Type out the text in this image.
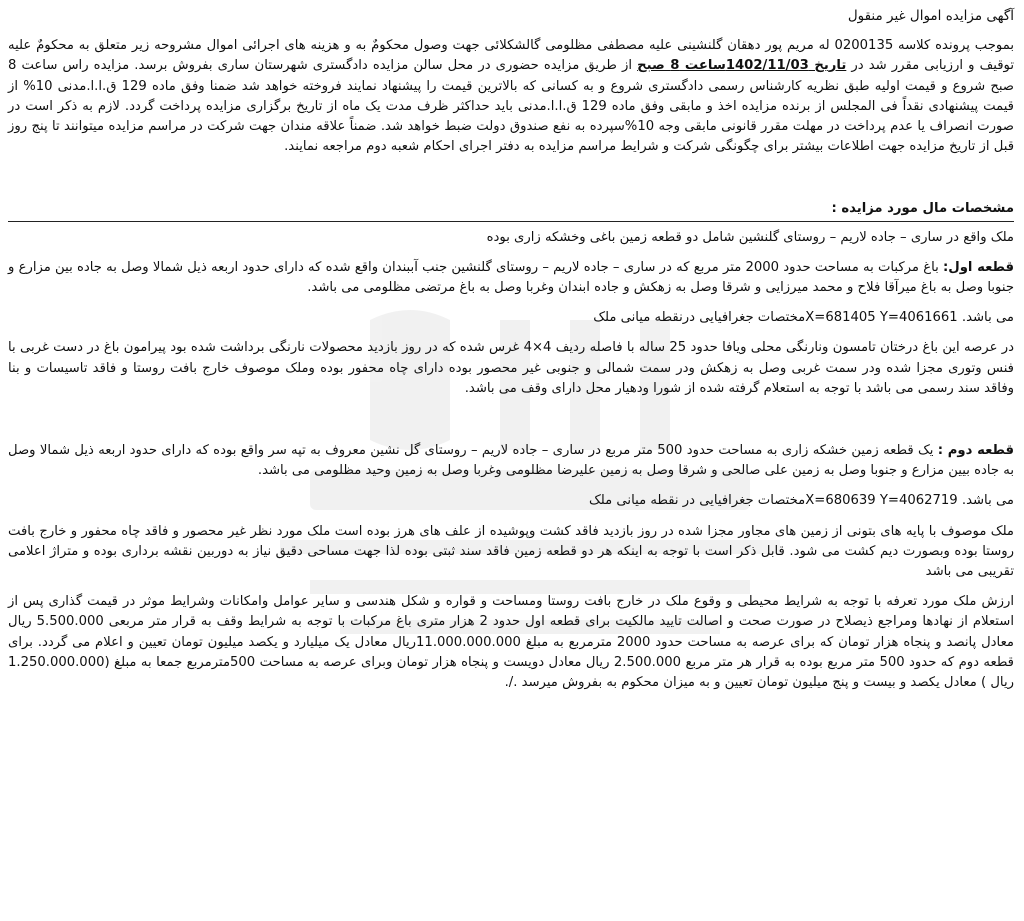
آگهی مزایده اموال غیر منقول

بموجب پرونده کلاسه 0200135 له مریم پور دهقان گلنشینی علیه مصطفی مظلومی گالشکلائی جهت وصول محکومٌ به و هزینه های اجرائی اموال مشروحه زیر متعلق به محکومٌ علیه توقیف و ارزیابی مقرر شد در تاریخ 1402/11/03ساعت 8 صبح از طریق مزایده حضوری در محل سالن مزایده دادگستری شهرستان ساری بفروش برسد. مزایده راس ساعت 8 صبح شروع و قیمت اولیه طبق نظریه کارشناس رسمی دادگستری شروع و به کسانی که بالاترین قیمت را پیشنهاد نمایند فروخته خواهد شد ضمنا وفق ماده 129 ق.ا.ا.مدنی 10% از قیمت پیشنهادی نقداً فی المجلس از برنده مزایده اخذ و مابقی وفق ماده 129 ق.ا.ا.مدنی باید حداکثر ظرف مدت یک ماه از تاریخ برگزاری مزایده پرداخت گردد. لازم به ذکر است در صورت انصراف یا عدم پرداخت در مهلت مقرر قانونی مابقی وجه 10%سپرده به نفع صندوق دولت ضبط خواهد شد. ضمناً علاقه مندان جهت شرکت در مراسم مزایده میتوانند تا پنج روز قبل از تاریخ مزایده جهت اطلاعات بیشتر برای چگونگی شرکت و شرایط مراسم مزایده به دفتر اجرای احکام شعبه دوم مراجعه نمایند.

مشخصات مال مورد مزایده :

ملک واقع در ساری – جاده لاریم – روستای گلنشین شامل دو قطعه زمین باغی وخشکه زاری بوده

قطعه اول: باغ مرکبات به مساحت حدود 2000 متر مربع که در ساری – جاده لاریم – روستای گلنشین جنب آببندان واقع شده که دارای حدود اربعه ذیل شمالا وصل به جاده بین مزارع و جنوبا وصل به باغ میرآقا فلاح و محمد میرزایی و شرقا وصل به زهکش و جاده ابندان وغربا وصل به باغ مرتضی مظلومی می باشد.

می باشد. X=681405 Y=4061661مختصات جغرافیایی درنقطه میانی ملک

در عرصه این باغ درختان تامسون ونارنگی محلی ویافا حدود 25 ساله با فاصله ردیف 4×4 غرس شده که در روز بازدید محصولات نارنگی برداشت شده بود پیرامون باغ در دست غربی با فنس وتوری مجزا شده ودر سمت غربی وصل به زهکش ودر سمت شمالی و جنوبی غیر محصور بوده دارای چاه محفور بوده وملک موصوف خارج بافت روستا و فاقد تاسیسات و بنا وفاقد سند رسمی می باشد با توجه به استعلام گرفته شده از شورا ودهیار محل دارای وقف می باشد.

قطعه دوم : یک قطعه زمین خشکه زاری به مساحت حدود 500 متر مربع در ساری – جاده لاریم – روستای گل نشین معروف به تپه سر واقع بوده که دارای حدود اربعه ذیل شمالا وصل به جاده بیین مزارع و جنوبا وصل به زمین علی صالحی و شرقا وصل به زمین علیرضا مظلومی وغربا وصل به زمین وحید مظلومی می باشد.

می باشد. X=680639 Y=4062719مختصات جغرافیایی در نقطه میانی ملک

ملک موصوف با پایه های بتونی از زمین های مجاور مجزا شده در روز بازدید فاقد کشت وپوشیده از علف های هرز بوده است ملک مورد نظر غیر محصور و فاقد چاه محفور و خارج بافت روستا بوده وبصورت دیم کشت می شود. قابل ذکر است با توجه به اینکه هر دو قطعه زمین فاقد سند ثبتی بوده لذا جهت مساحی دقیق نیاز به دوربین نقشه برداری بوده و متراژ اعلامی تقریبی می باشد

ارزش ملک مورد تعرفه با توجه به شرایط محیطی و وقوع ملک در خارج بافت روستا ومساحت و قواره و شکل هندسی و سایر عوامل وامکانات وشرایط موثر در قیمت گذاری پس از استعلام از نهادها ومراجع ذیصلاح در صورت صحت و اصالت تایید مالکیت برای قطعه اول حدود 2 هزار متری باغ مرکبات با توجه به شرایط وقف به قرار متر مربعی 5.500.000 ریال معادل پانصد و پنجاه هزار تومان که برای عرصه به مساحت حدود 2000 مترمربع به مبلغ 11.000.000.000ریال معادل یک میلیارد و یکصد میلیون تومان تعیین و اعلام می گردد. برای قطعه دوم که حدود 500 متر مربع بوده به قرار هر متر مربع 2.500.000 ریال معادل دویست و پنجاه هزار تومان وبرای عرصه به مساحت 500مترمربع جمعا به مبلغ (1.250.000.000 ریال ) معادل یکصد و بیست و پنج میلیون تومان تعیین و به میزان محکوم به بفروش میرسد ./.
